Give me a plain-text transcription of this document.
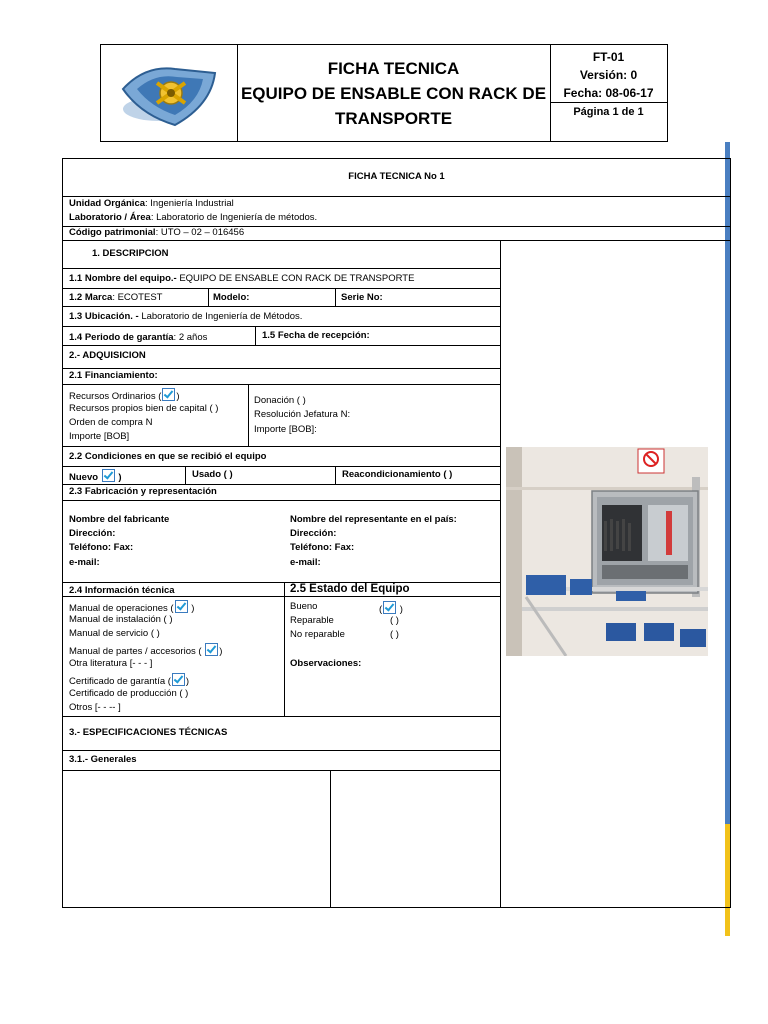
FICHA TECNICA
EQUIPO DE ENSABLE CON RACK DE
TRANSPORTE
FT-01
Versión: 0
Fecha: 08-06-17
Página 1 de 1
FICHA TECNICA No 1
Unidad Orgánica: Ingeniería Industrial
Laboratorio / Área: Laboratorio de Ingeniería de métodos.
Código patrimonial: UTO – 02 – 016456
1. DESCRIPCION
1.1 Nombre del equipo.- EQUIPO DE ENSABLE CON RACK DE TRANSPORTE
1.2 Marca: ECOTEST	Modelo:	Serie No:
1.3 Ubicación. - Laboratorio de Ingeniería de Métodos.
1.4 Periodo de garantía: 2 años	1.5 Fecha de recepción:
2.- ADQUISICION
2.1 Financiamiento:
Recursos Ordinarios ( )
Recursos propios bien de capital ( )
Orden de compra N
Importe [BOB]
Donación ( )
Resolución Jefatura N:
Importe [BOB]:
2.2 Condiciones en que se recibió el equipo
Nuevo  )	Usado ( )	Reacondicionamiento ( )
2.3 Fabricación y representación
Nombre del fabricante
Dirección:
Teléfono: Fax:
e-mail:
Nombre del representante en el país:
Dirección:
Teléfono: Fax:
e-mail:
2.4 Información técnica	2.5 Estado del Equipo
Manual de operaciones ( )
Manual de instalación ( )
Manual de servicio ( )
Manual de partes / accesorios ( )
Otra literatura [- - - ]
Certificado de garantía ( )
Certificado de producción ( )
Otros [- - -- ]
Bueno	( )
Reparable	( )
No reparable	( )
Observaciones:
3.- ESPECIFICACIONES TÉCNICAS
3.1.- Generales
